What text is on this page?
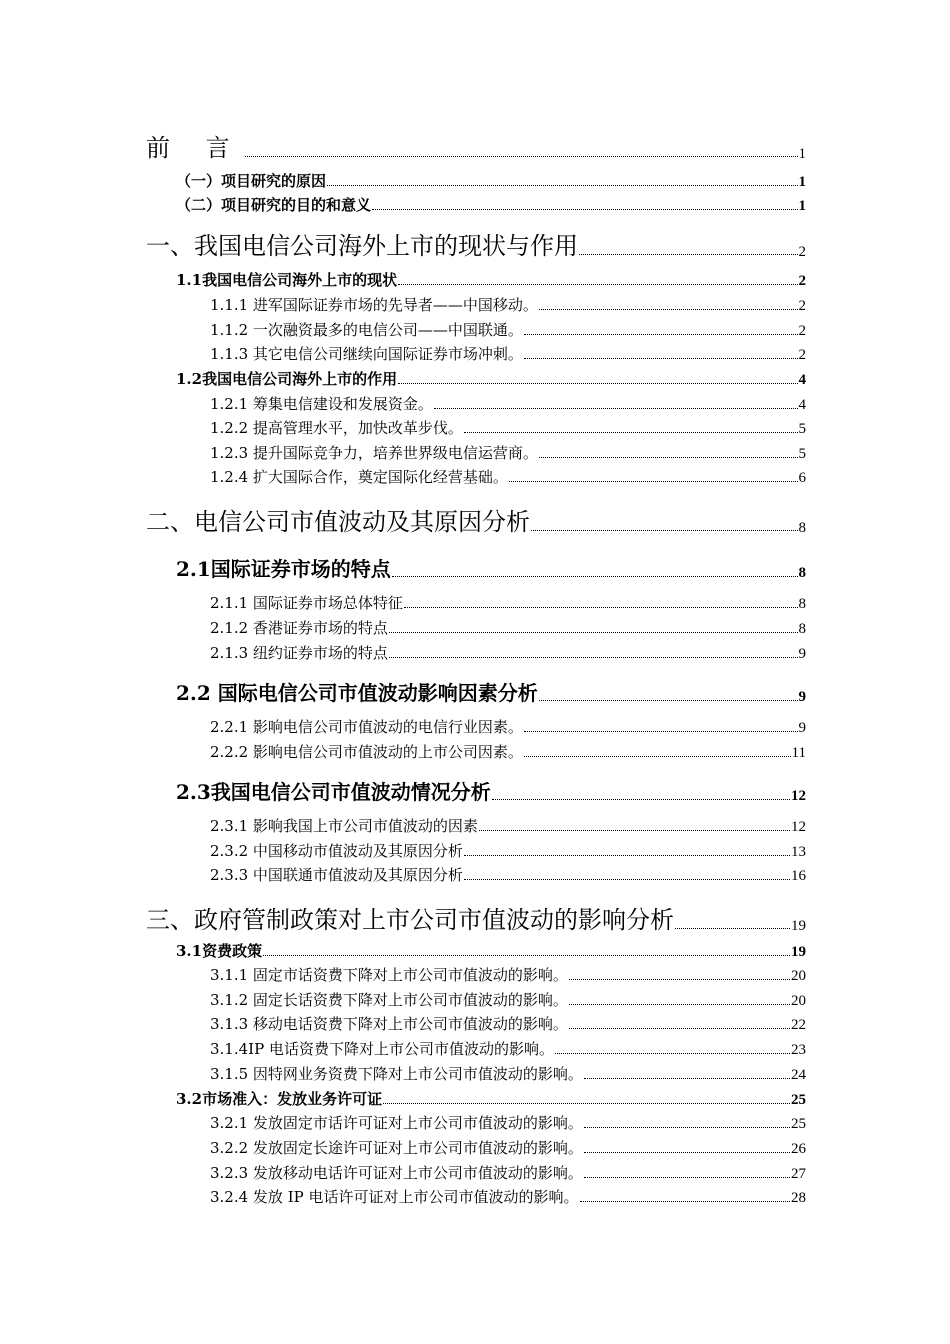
前 言	1
（一）项目研究的原因	1
（二）项目研究的目的和意义	1
一、我国电信公司海外上市的现状与作用	2
1.1我国电信公司海外上市的现状	2
1.1.1 进军国际证券市场的先导者——中国移动。	2
1.1.2 一次融资最多的电信公司——中国联通。	2
1.1.3 其它电信公司继续向国际证券市场冲刺。	2
1.2我国电信公司海外上市的作用	4
1.2.1 筹集电信建设和发展资金。	4
1.2.2 提高管理水平，加快改革步伐。	5
1.2.3 提升国际竞争力，培养世界级电信运营商。	5
1.2.4 扩大国际合作，奠定国际化经营基础。	6
二、电信公司市值波动及其原因分析	8
2.1国际证券市场的特点	8
2.1.1 国际证券市场总体特征	8
2.1.2 香港证券市场的特点	8
2.1.3 纽约证券市场的特点	9
2.2 国际电信公司市值波动影响因素分析	9
2.2.1 影响电信公司市值波动的电信行业因素。	9
2.2.2 影响电信公司市值波动的上市公司因素。	11
2.3我国电信公司市值波动情况分析	12
2.3.1 影响我国上市公司市值波动的因素	12
2.3.2 中国移动市值波动及其原因分析	13
2.3.3 中国联通市值波动及其原因分析	16
三、政府管制政策对上市公司市值波动的影响分析	19
3.1资费政策	19
3.1.1 固定市话资费下降对上市公司市值波动的影响。	20
3.1.2 固定长话资费下降对上市公司市值波动的影响。	20
3.1.3 移动电话资费下降对上市公司市值波动的影响。	22
3.1.4IP 电话资费下降对上市公司市值波动的影响。	23
3.1.5 因特网业务资费下降对上市公司市值波动的影响。	24
3.2市场准入：发放业务许可证	25
3.2.1 发放固定市话许可证对上市公司市值波动的影响。	25
3.2.2 发放固定长途许可证对上市公司市值波动的影响。	26
3.2.3 发放移动电话许可证对上市公司市值波动的影响。	27
3.2.4 发放 IP 电话许可证对上市公司市值波动的影响。	28
